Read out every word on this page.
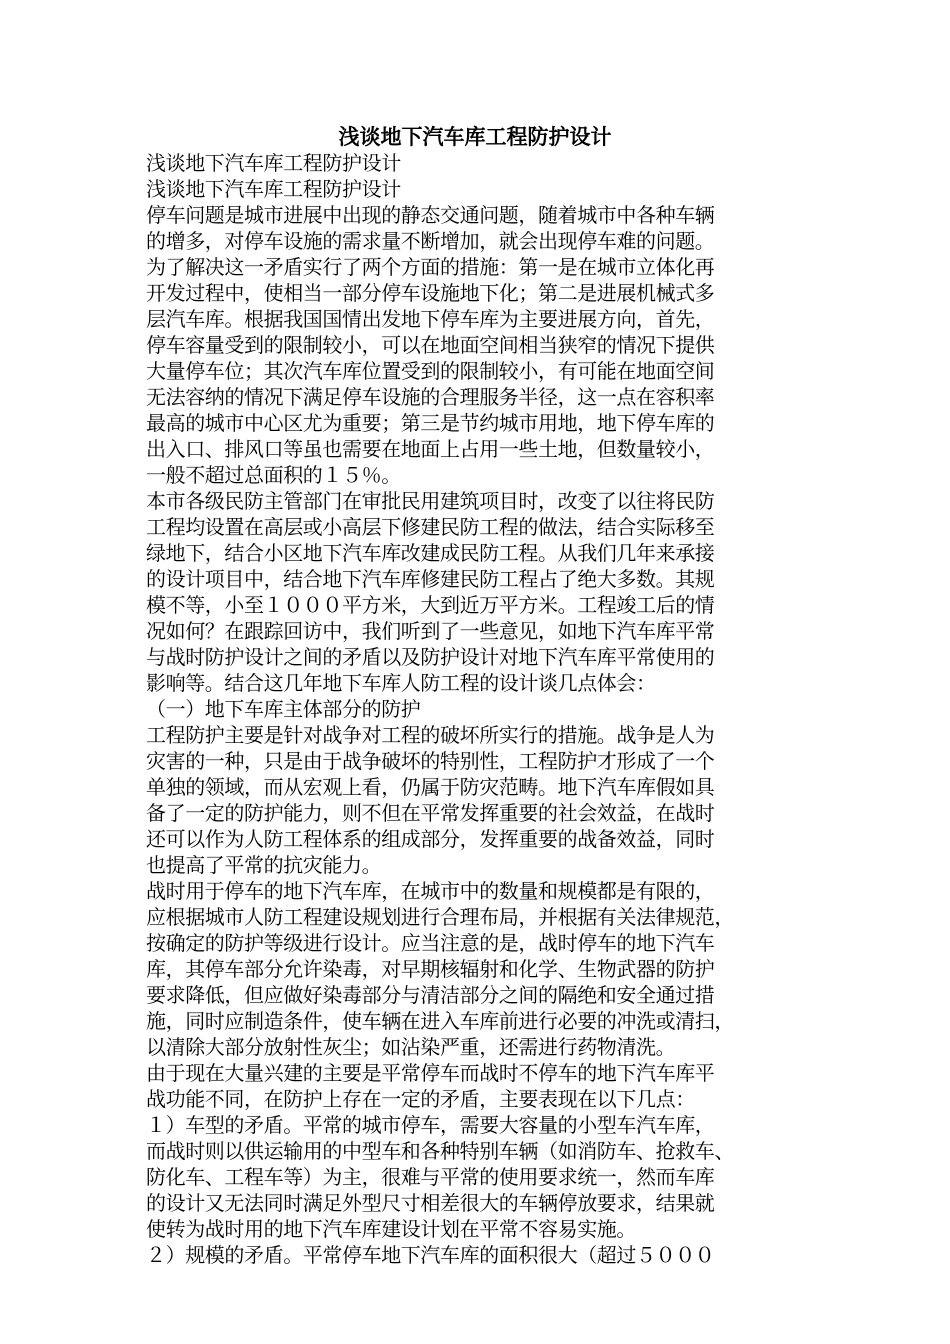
浅谈地下汽车库工程防护设计
浅谈地下汽车库工程防护设计
浅谈地下汽车库工程防护设计
停车问题是城市进展中出现的静态交通问题，随着城市中各种车辆
的增多，对停车设施的需求量不断增加，就会出现停车难的问题。
为了解决这一矛盾实行了两个方面的措施：第一是在城市立体化再
开发过程中，使相当一部分停车设施地下化；第二是进展机械式多
层汽车库。根据我国国情出发地下停车库为主要进展方向，首先，
停车容量受到的限制较小，可以在地面空间相当狭窄的情况下提供
大量停车位；其次汽车库位置受到的限制较小，有可能在地面空间
无法容纳的情况下满足停车设施的合理服务半径，这一点在容积率
最高的城市中心区尤为重要；第三是节约城市用地，地下停车库的
出入口、排风口等虽也需要在地面上占用一些土地，但数量较小，
一般不超过总面积的１５％。
本市各级民防主管部门在审批民用建筑项目时，改变了以往将民防
工程均设置在高层或小高层下修建民防工程的做法，结合实际移至
绿地下，结合小区地下汽车库改建成民防工程。从我们几年来承接
的设计项目中，结合地下汽车库修建民防工程占了绝大多数。其规
模不等，小至１０００平方米，大到近万平方米。工程竣工后的情
况如何？在跟踪回访中，我们听到了一些意见，如地下汽车库平常
与战时防护设计之间的矛盾以及防护设计对地下汽车库平常使用的
影响等。结合这几年地下车库人防工程的设计谈几点体会：
（一）地下车库主体部分的防护
工程防护主要是针对战争对工程的破坏所实行的措施。战争是人为
灾害的一种，只是由于战争破坏的特别性，工程防护才形成了一个
单独的领域，而从宏观上看，仍属于防灾范畴。地下汽车库假如具
备了一定的防护能力，则不但在平常发挥重要的社会效益，在战时
还可以作为人防工程体系的组成部分，发挥重要的战备效益，同时
也提高了平常的抗灾能力。
战时用于停车的地下汽车库，在城市中的数量和规模都是有限的，
应根据城市人防工程建设规划进行合理布局，并根据有关法律规范，
按确定的防护等级进行设计。应当注意的是，战时停车的地下汽车
库，其停车部分允许染毒，对早期核辐射和化学、生物武器的防护
要求降低，但应做好染毒部分与清洁部分之间的隔绝和安全通过措
施，同时应制造条件，使车辆在进入车库前进行必要的冲洗或清扫，
以清除大部分放射性灰尘；如沾染严重，还需进行药物清洗。
由于现在大量兴建的主要是平常停车而战时不停车的地下汽车库平
战功能不同，在防护上存在一定的矛盾，主要表现在以下几点：
１）车型的矛盾。平常的城市停车，需要大容量的小型车汽车库，
而战时则以供运输用的中型车和各种特别车辆（如消防车、抢救车、
防化车、工程车等）为主，很难与平常的使用要求统一，然而车库
的设计又无法同时满足外型尺寸相差很大的车辆停放要求，结果就
使转为战时用的地下汽车库建设计划在平常不容易实施。
２）规模的矛盾。平常停车地下汽车库的面积很大（超过５０００
